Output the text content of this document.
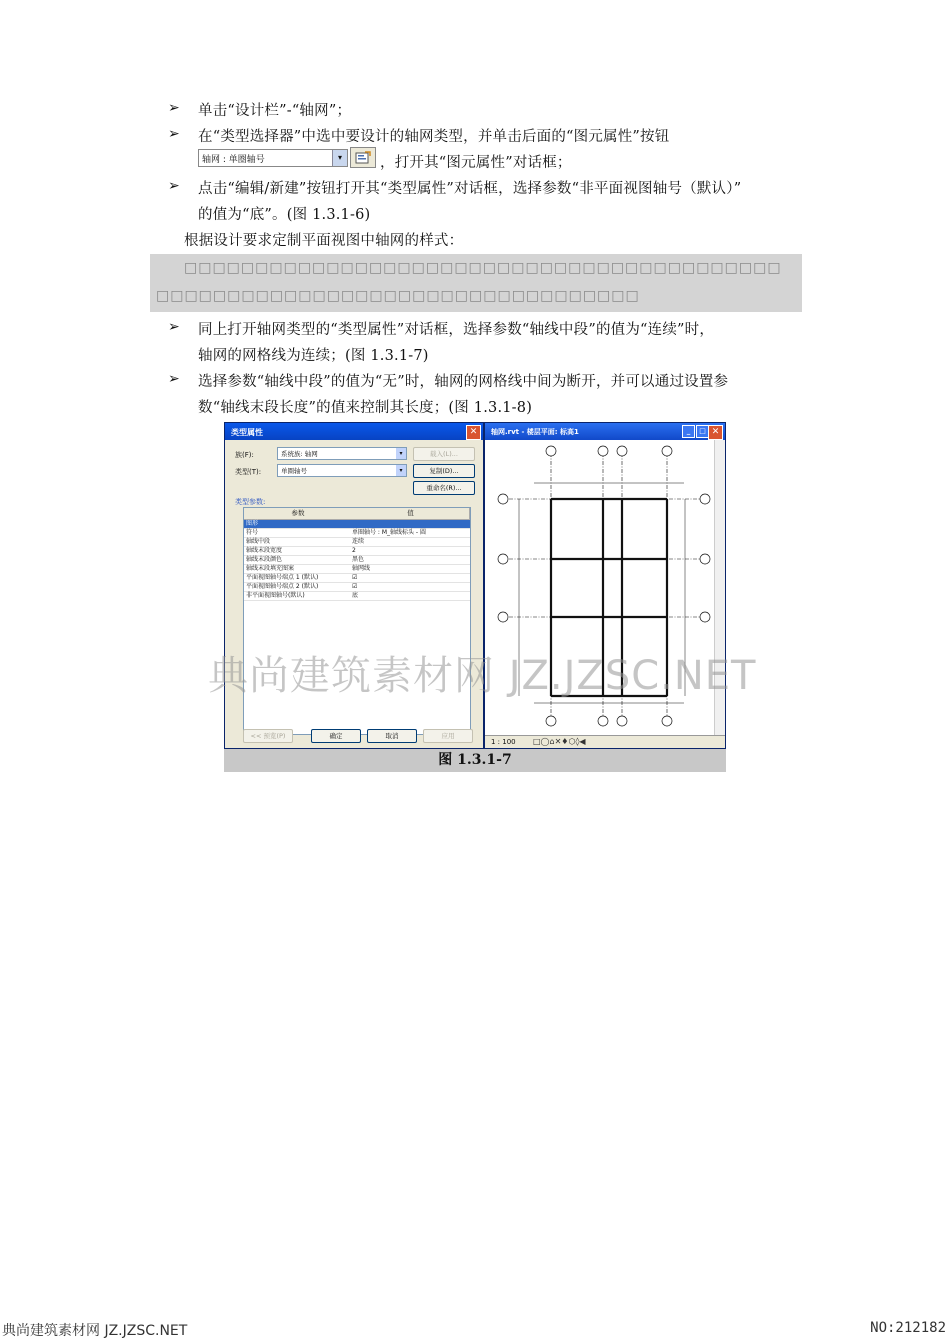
➢ 单击“设计栏”-“轴网”；
➢ 在“类型选择器”中选中要设计的轴网类型，并单击后面的“图元属性”按钮
轴网 : 单圈轴号	▾	，打开其“图元属性”对话框；
➢ 点击“编辑/新建”按钮打开其“类型属性”对话框，选择参数“非平面视图轴号（默认）”
的值为“底”。(图 1.3.1-6)
根据设计要求定制平面视图中轴网的样式：
□□□□□□□□□□□□□□□□□□□□□□□□□□□□□□□□□□□□□□□□□□
□□□□□□□□□□□□□□□□□□□□□□□□□□□□□□□□□□
➢ 同上打开轴网类型的“类型属性”对话框，选择参数“轴线中段”的值为“连续”时，
轴网的网格线为连续；(图 1.3.1-7)
➢ 选择参数“轴线中段”的值为“无”时，轴网的网格线中间为断开，并可以通过设置参
数“轴线末段长度”的值来控制其长度；(图 1.3.1-8)
类型属性	✕
族(F):	系统族: 轴网	▾
类型(T):	单圈轴号	▾
载入(L)...
复制(D)...
重命名(R)...
类型参数:
参数	值
图形
符号	单圈轴号 : M_轴线标头 - 圆
轴线中段	连续
轴线末段宽度	2
轴线末段颜色	黑色
轴线末段填充图案	轴网线
平面视图轴号端点 1 (默认)	☑
平面视图轴号端点 2 (默认)	☑
非平面视图轴号(默认)	底
<< 预览(P)	确定	取消	应用
轴网.rvt - 楼层平面: 标高1	_	□ ✕
1 : 100 □◯⌂✕♦⬡◊◀
图 1.3.1-7
典尚建筑素材网 JZ.JZSC.NET
典尚建筑素材网 JZ.JZSC.NET	NO:212182
